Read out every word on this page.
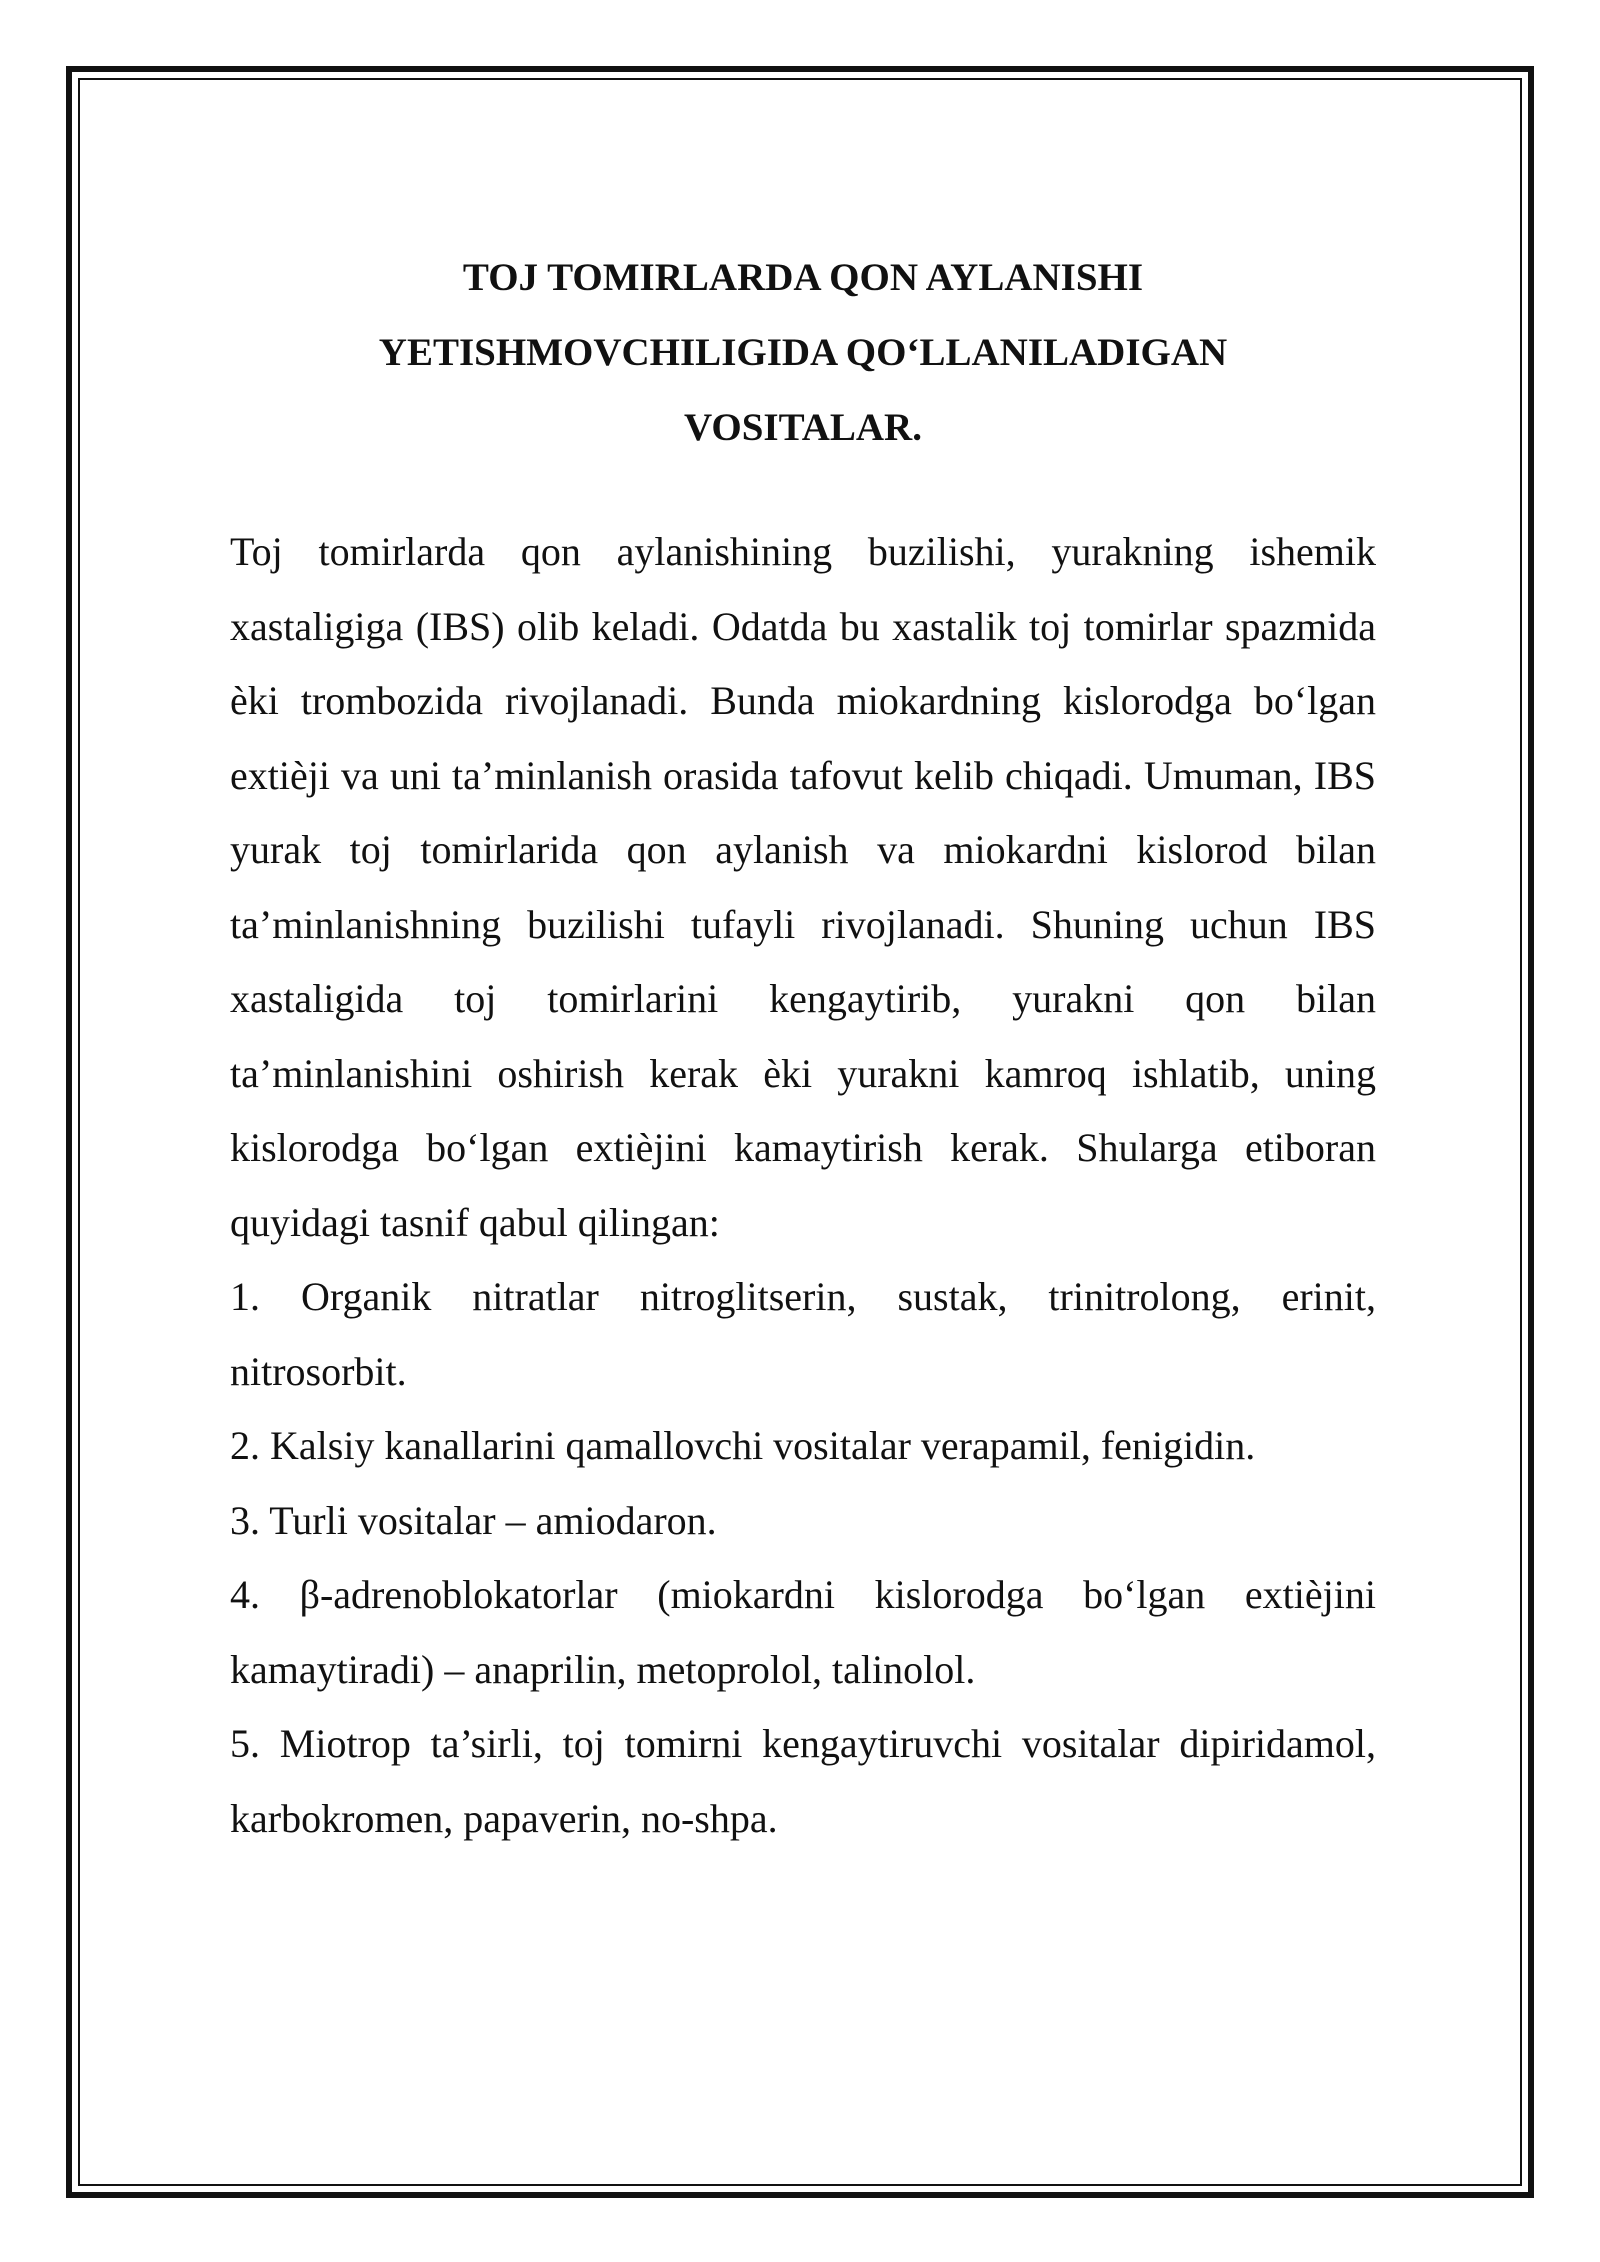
TOJ TOMIRLARDA QON AYLANISHI
YETISHMOVCHILIGIDA QO‘LLANILADIGAN
VOSITALAR.

Toj tomirlarda qon aylanishining buzilishi, yurakning ishemik xastaligiga (IBS) olib keladi. Odatda bu xastalik toj tomirlar spazmida èki trombozida rivojlanadi. Bunda miokardning kislorodga bo‘lgan extièji va uni ta’minlanish orasida tafovut kelib chiqadi. Umuman, IBS yurak toj tomirlarida qon aylanish va miokardni kislorod bilan ta’minlanishning buzilishi tufayli rivojlanadi. Shuning uchun IBS xastaligida toj tomirlarini kengaytirib, yurakni qon bilan ta’minlanishini oshirish kerak èki yurakni kamroq ishlatib, uning kislorodga bo‘lgan extièjini kamaytirish kerak. Shularga etiboran quyidagi tasnif qabul qilingan:

1. Organik nitratlar nitroglitserin, sustak, trinitrolong, erinit, nitrosorbit.

2. Kalsiy kanallarini qamallovchi vositalar verapamil, fenigidin.

3. Turli vositalar – amiodaron.

4. β-adrenoblokatorlar (miokardni kislorodga bo‘lgan extièjini kamaytiradi) – anaprilin, metoprolol, talinolol.

5. Miotrop ta’sirli, toj tomirni kengaytiruvchi vositalar dipiridamol, karbokromen, papaverin, no-shpa.
